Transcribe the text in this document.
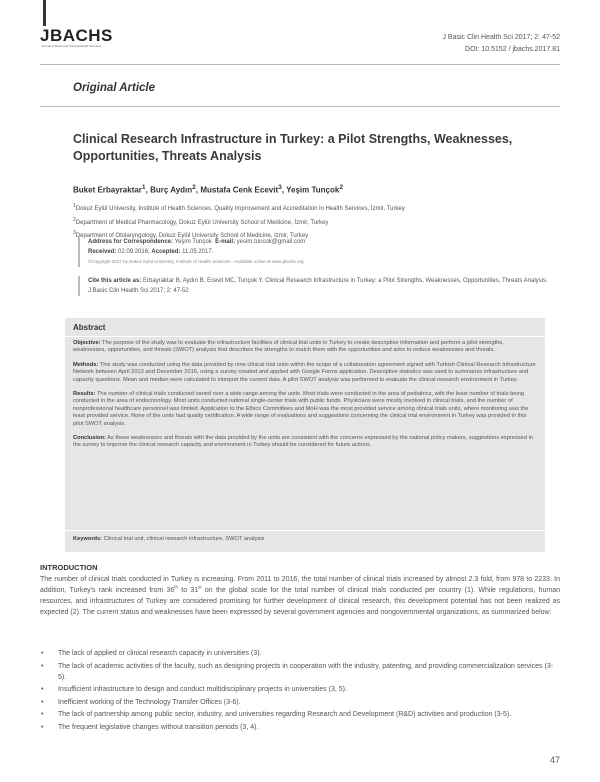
JBACHS
Journal of Basic and Clinical Health Sciences
J Basic Clin Health Sci 2017; 2: 47-52
DOI: 10.5152 / jbachs.2017.81
Original Article
Clinical Research Infrastructure in Turkey: a Pilot Strengths, Weaknesses, Opportunities, Threats Analysis
Buket Erbayraktar$^1$, Burç Aydın$^2$, Mustafa Cenk Ecevit$^3$, Yeşim Tunçok$^2$
$^1$Dokuz Eylül University, Institute of Health Sciences, Quality Improvement and Accreditation in Health Services, İzmir, Turkey
$^2$Department of Medical Pharmacology, Dokuz Eylül University School of Medicine, İzmir, Turkey
$^3$Department of Otolaryngology, Dokuz Eylül University School of Medicine, İzmir, Turkey
Address for Correspondence: Yeşim Tunçok E-mail: yesim.tuncok@gmail.com
Received: 02.09.2016; Accepted: 11.05.2017.
©Copyright 2017 by Dokuz Eylül University, Institute of Health Sciences - Available online at www.jbachs.org
Cite this article as: Erbayraktar B, Aydın B, Ecevit MC, Tunçok Y. Clinical Research Infrastructure in Turkey: a Pilot Strengths, Weaknesses, Opportunities, Threats Analysis. J Basic Clin Health Sci 2017; 2: 47-52
Abstract

Objective: The purpose of the study was to evaluate the infrastructure facilities of clinical trial units in Turkey to create descriptive information and perform a pilot strengths, weaknesses, opportunities, and threats (SWOT) analysis that describes the strengths to match them with the opportunities and aims to reduce weaknesses and threats.

Methods: This study was conducted using the data provided by nine clinical trial units within the scope of a collaboration agreement signed with Turkish Clinical Research Infrastructure Network between April 2013 and December 2016, using a survey created and applied with Google Forms application. Descriptive statistics was used to summarize infrastructure and capacity questions. Mean and median were calculated to interpret the current data. A pilot SWOT analysis was performed to evaluate the clinical research environment in Turkey.

Results: The number of clinical trials conducted varied over a wide range among the units. Most trials were conducted in the area of pediatrics, with the least number of trials being conducted in the area of endocrinology. Most units conducted national single-center trials with public funds. Physicians were mostly involved in clinical trials, and the number of nonprofessional healthcare personnel was limited. Application to the Ethics Committees and MoH was the most provided service among clinical trials units, where monitoring was the least provided service. None of the units had quality certification. A wide range of evaluations and suggestions concerning the clinical trial environment in Turkey was provided in this pilot SWOT analysis.

Conclusion: As these weaknesses and threats with the data provided by the units are consistent with the concerns expressed by the national policy makers, suggestions expressed in the survey to improve the clinical research capacity and environment in Turkey should be considered for future actions.

Keywords: Clinical trial unit, clinical research infrastructure, SWOT analysis
INTRODUCTION

The number of clinical trials conducted in Turkey is increasing. From 2011 to 2016, the total number of clinical trials increased by almost 2.3 fold, from 978 to 2233. In addition, Turkey's rank increased from 36th to 31st on the global scale for the total number of clinical trials conducted per country (1). While regulations, human resources, and infrastructures of Turkey are considered promising for further development of clinical research, this development potential has not been realized as expected (2). The current status and weaknesses have been expressed by several government agencies and nongovernmental organizations, as summarized below:

• The lack of applied or clinical research capacity in universities (3).
• The lack of academic activities of the faculty, such as designing projects in cooperation with the industry, patenting, and providing commercialization services (3-5).
• Insufficient infrastructure to design and conduct multidisciplinary projects in universities (3, 5).
• Inefficient working of the Technology Transfer Offices (3-6).
• The lack of partnership among public sector, industry, and universities regarding Research and Development (R&D) activities and production (3-5).
• The frequent legislative changes without transition periods (3, 4).
47
